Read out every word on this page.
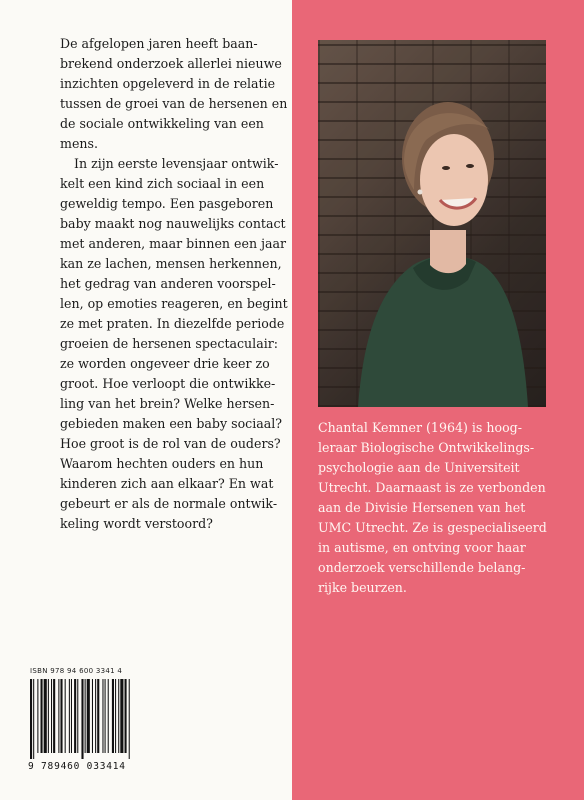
De afgelopen jaren heeft baan-
brekend onderzoek allerlei nieuwe
inzichten opgeleverd in de relatie
tussen de groei van de hersenen en
de sociale ontwikkeling van een
mens.

In zijn eerste levensjaar ontwik-
kelt een kind zich sociaal in een
geweldig tempo. Een pasgeboren
baby maakt nog nauwelijks contact
met anderen, maar binnen een jaar
kan ze lachen, mensen herkennen,
het gedrag van anderen voorspel-
len, op emoties reageren, en begint
ze met praten. In diezelfde periode
groeien de hersenen spectaculair:
ze worden ongeveer drie keer zo
groot. Hoe verloopt die ontwikke-
ling van het brein? Welke hersen-
gebieden maken een baby sociaal?
Hoe groot is de rol van de ouders?
Waarom hechten ouders en hun
kinderen zich aan elkaar? En wat
gebeurt er als de normale ontwik-
keling wordt verstoord?

Chantal Kemner (1964) is hoog-
leraar Biologische Ontwikkelings-
psychologie aan de Universiteit
Utrecht. Daarnaast is ze verbonden
aan de Divisie Hersenen van het
UMC Utrecht. Ze is gespecialiseerd
in autisme, en ontving voor haar
onderzoek verschillende belang-
rijke beurzen.
ISBN 978 94 600 3341 4
9 789460 033414
